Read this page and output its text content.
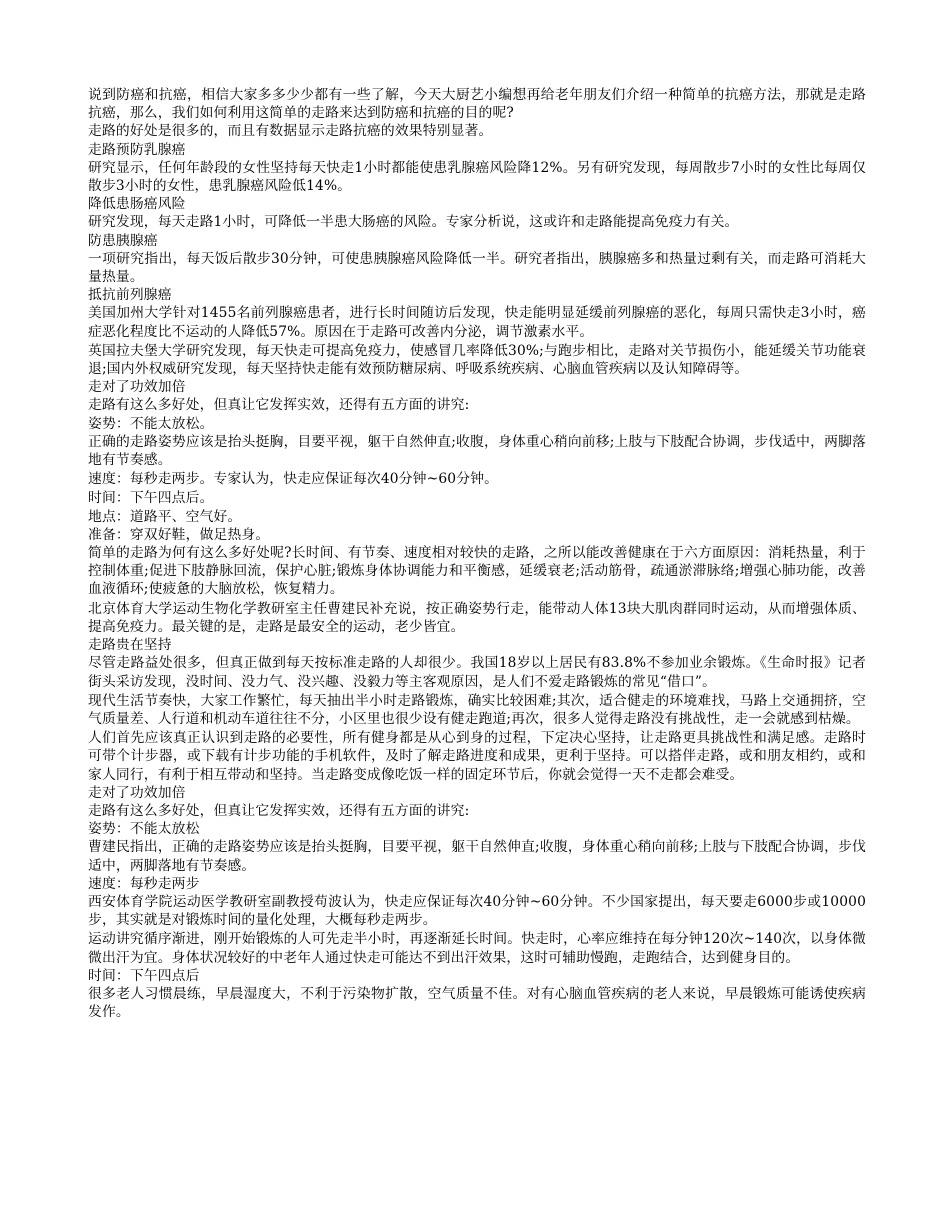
说到防癌和抗癌，相信大家多多少少都有一些了解，今天大厨艺小编想再给老年朋友们介绍一种简单的抗癌方法，那就是走路抗癌，那么，我们如何利用这简单的走路来达到防癌和抗癌的目的呢?

走路的好处是很多的，而且有数据显示走路抗癌的效果特别显著。

走路预防乳腺癌

研究显示，任何年龄段的女性坚持每天快走1小时都能使患乳腺癌风险降12%。另有研究发现，每周散步7小时的女性比每周仅散步3小时的女性，患乳腺癌风险低14%。

降低患肠癌风险

研究发现，每天走路1小时，可降低一半患大肠癌的风险。专家分析说，这或许和走路能提高免疫力有关。

防患胰腺癌

一项研究指出，每天饭后散步30分钟，可使患胰腺癌风险降低一半。研究者指出，胰腺癌多和热量过剩有关，而走路可消耗大量热量。

抵抗前列腺癌

美国加州大学针对1455名前列腺癌患者，进行长时间随访后发现，快走能明显延缓前列腺癌的恶化，每周只需快走3小时，癌症恶化程度比不运动的人降低57%。原因在于走路可改善内分泌，调节激素水平。

英国拉夫堡大学研究发现，每天快走可提高免疫力，使感冒几率降低30%;与跑步相比，走路对关节损伤小，能延缓关节功能衰退;国内外权威研究发现，每天坚持快走能有效预防糖尿病、呼吸系统疾病、心脑血管疾病以及认知障碍等。

走对了功效加倍

走路有这么多好处，但真让它发挥实效，还得有五方面的讲究:

姿势：不能太放松。

正确的走路姿势应该是抬头挺胸，目要平视，躯干自然伸直;收腹，身体重心稍向前移;上肢与下肢配合协调，步伐适中，两脚落地有节奏感。

速度：每秒走两步。专家认为，快走应保证每次40分钟~60分钟。

时间：下午四点后。

地点：道路平、空气好。

准备：穿双好鞋，做足热身。

简单的走路为何有这么多好处呢?长时间、有节奏、速度相对较快的走路，之所以能改善健康在于六方面原因：消耗热量，利于控制体重;促进下肢静脉回流，保护心脏;锻炼身体协调能力和平衡感，延缓衰老;活动筋骨，疏通淤滞脉络;增强心肺功能，改善血液循环;使疲惫的大脑放松，恢复精力。

北京体育大学运动生物化学教研室主任曹建民补充说，按正确姿势行走，能带动人体13块大肌肉群同时运动，从而增强体质、提高免疫力。最关键的是，走路是最安全的运动，老少皆宜。

走路贵在坚持

尽管走路益处很多，但真正做到每天按标准走路的人却很少。我国18岁以上居民有83.8%不参加业余锻炼。《生命时报》记者街头采访发现，没时间、没力气、没兴趣、没毅力等主客观原因，是人们不爱走路锻炼的常见“借口”。

现代生活节奏快，大家工作繁忙，每天抽出半小时走路锻炼，确实比较困难;其次，适合健走的环境难找，马路上交通拥挤，空气质量差、人行道和机动车道往往不分，小区里也很少设有健走跑道;再次，很多人觉得走路没有挑战性，走一会就感到枯燥。

人们首先应该真正认识到走路的必要性，所有健身都是从心到身的过程，下定决心坚持，让走路更具挑战性和满足感。走路时可带个计步器，或下载有计步功能的手机软件，及时了解走路进度和成果，更利于坚持。可以搭伴走路，或和朋友相约，或和家人同行，有利于相互带动和坚持。当走路变成像吃饭一样的固定环节后，你就会觉得一天不走都会难受。

走对了功效加倍

走路有这么多好处，但真让它发挥实效，还得有五方面的讲究:

姿势：不能太放松

曹建民指出，正确的走路姿势应该是抬头挺胸，目要平视，躯干自然伸直;收腹，身体重心稍向前移;上肢与下肢配合协调，步伐适中，两脚落地有节奏感。

速度：每秒走两步

西安体育学院运动医学教研室副教授苟波认为，快走应保证每次40分钟~60分钟。不少国家提出，每天要走6000步或10000步，其实就是对锻炼时间的量化处理，大概每秒走两步。

运动讲究循序渐进，刚开始锻炼的人可先走半小时，再逐渐延长时间。快走时，心率应维持在每分钟120次~140次，以身体微微出汗为宜。身体状况较好的中老年人通过快走可能达不到出汗效果，这时可辅助慢跑，走跑结合，达到健身目的。

时间：下午四点后

很多老人习惯晨练，早晨湿度大，不利于污染物扩散，空气质量不佳。对有心脑血管疾病的老人来说，早晨锻炼可能诱使疾病发作。
